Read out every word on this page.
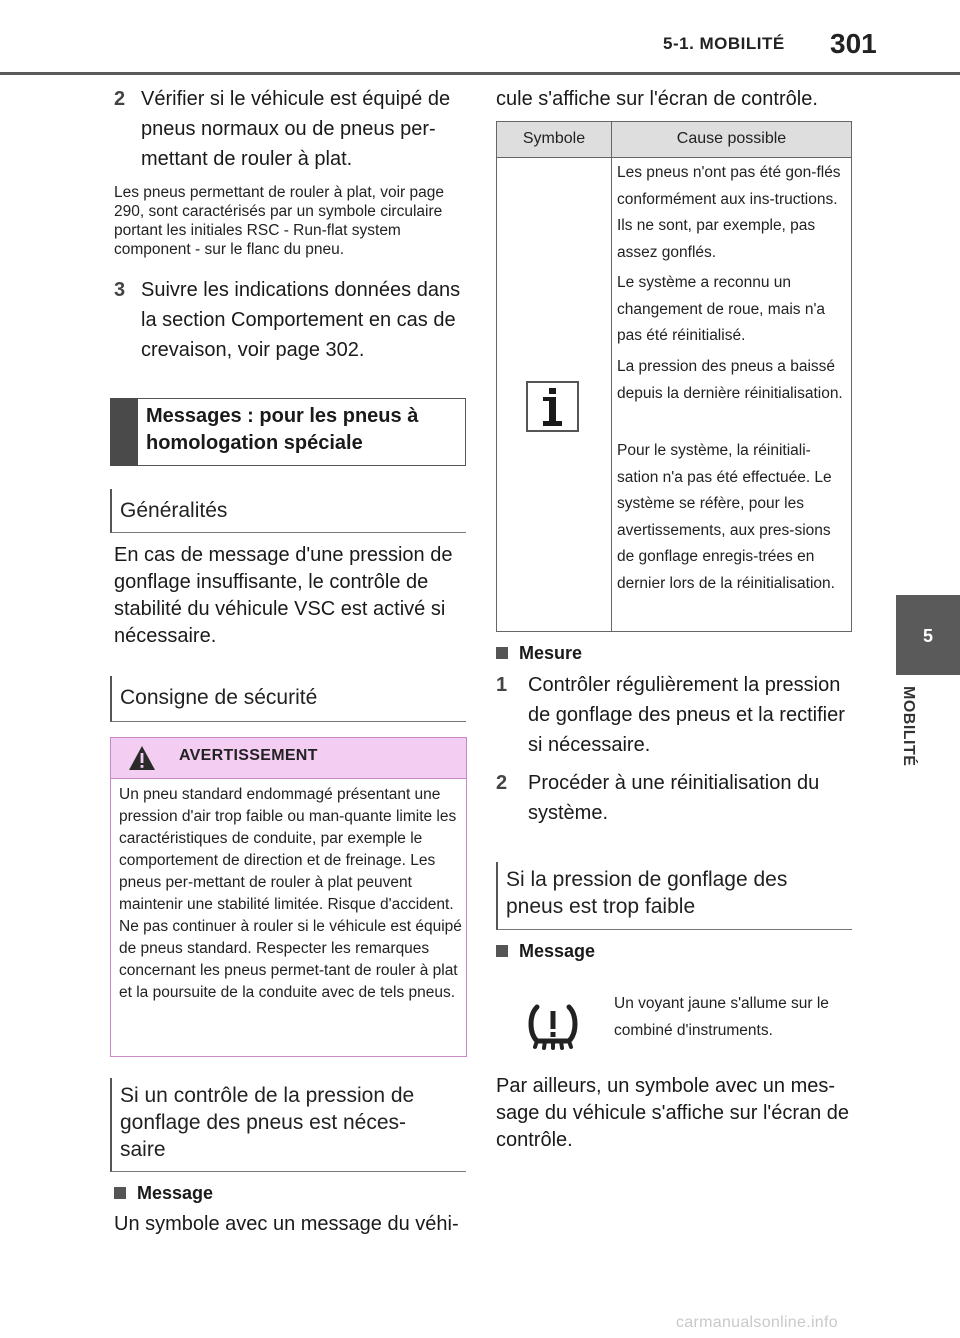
5-1. MOBILITÉ 301
5
MOBILITÉ
2 Vérifier si le véhicule est équipé de pneus normaux ou de pneus per-mettant de rouler à plat.
Les pneus permettant de rouler à plat, voir page 290, sont caractérisés par un symbole circulaire portant les initiales RSC - Run-flat system component - sur le flanc du pneu.
3 Suivre les indications données dans la section Comportement en cas de crevaison, voir page 302.
Messages : pour les pneus à homologation spéciale
Généralités
En cas de message d'une pression de gonflage insuffisante, le contrôle de stabilité du véhicule VSC est activé si nécessaire.
Consigne de sécurité
AVERTISSEMENT
Un pneu standard endommagé présentant une pression d'air trop faible ou man-quante limite les caractéristiques de conduite, par exemple le comportement de direction et de freinage. Les pneus per-mettant de rouler à plat peuvent maintenir une stabilité limitée. Risque d'accident. Ne pas continuer à rouler si le véhicule est équipé de pneus standard. Respecter les remarques concernant les pneus permet-tant de rouler à plat et la poursuite de la conduite avec de tels pneus.
Si un contrôle de la pression de gonflage des pneus est néces-saire
Message
Un symbole avec un message du véhi-
cule s'affiche sur l'écran de contrôle.
Symbole	Cause possible
Les pneus n'ont pas été gon-flés conformément aux ins-tructions. Ils ne sont, par exemple, pas assez gonflés.
Le système a reconnu un changement de roue, mais n'a pas été réinitialisé.
La pression des pneus a baissé depuis la dernière réinitialisation.
Pour le système, la réinitiali-sation n'a pas été effectuée. Le système se réfère, pour les avertissements, aux pres-sions de gonflage enregis-trées en dernier lors de la réinitialisation.
Mesure
1	Contrôler régulièrement la pression de gonflage des pneus et la rectifier si nécessaire.
2	Procéder à une réinitialisation du système.
Si la pression de gonflage des pneus est trop faible
Message
Un voyant jaune s'allume sur le combiné d'instruments.
Par ailleurs, un symbole avec un mes-sage du véhicule s'affiche sur l'écran de contrôle.
carmanualsonline.info
